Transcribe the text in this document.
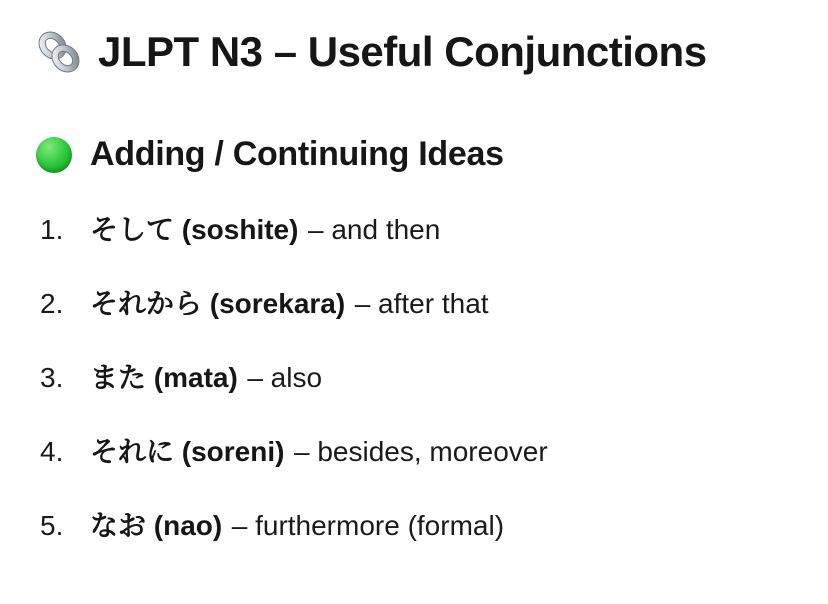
JLPT N3 – Useful Conjunctions
Adding / Continuing Ideas
1. そして (soshite) – and then
2. それから (sorekara) – after that
3. また (mata) – also
4. それに (soreni) – besides, moreover
5. なお (nao) – furthermore (formal)
